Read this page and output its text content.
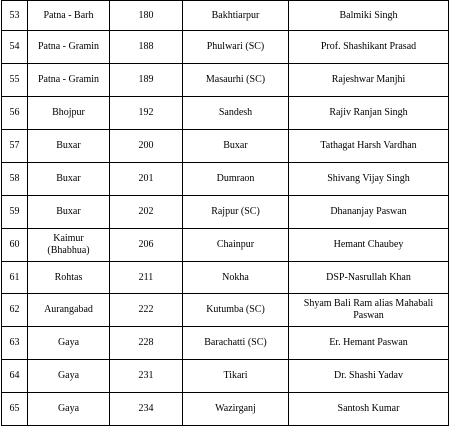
53	Patna - Barh	180	Bakhtiarpur	Balmiki Singh
54	Patna - Gramin	188	Phulwari (SC)	Prof. Shashikant Prasad
55	Patna - Gramin	189	Masaurhi (SC)	Rajeshwar Manjhi
56	Bhojpur	192	Sandesh	Rajiv Ranjan Singh
57	Buxar	200	Buxar	Tathagat Harsh Vardhan
58	Buxar	201	Dumraon	Shivang Vijay Singh
59	Buxar	202	Rajpur (SC)	Dhananjay Paswan
60	Kaimur (Bhabhua)	206	Chainpur	Hemant Chaubey
61	Rohtas	211	Nokha	DSP-Nasrullah Khan
62	Aurangabad	222	Kutumba (SC)	Shyam Bali Ram alias Mahabali Paswan
63	Gaya	228	Barachatti (SC)	Er. Hemant Paswan
64	Gaya	231	Tikari	Dr. Shashi Yadav
65	Gaya	234	Wazirganj	Santosh Kumar
